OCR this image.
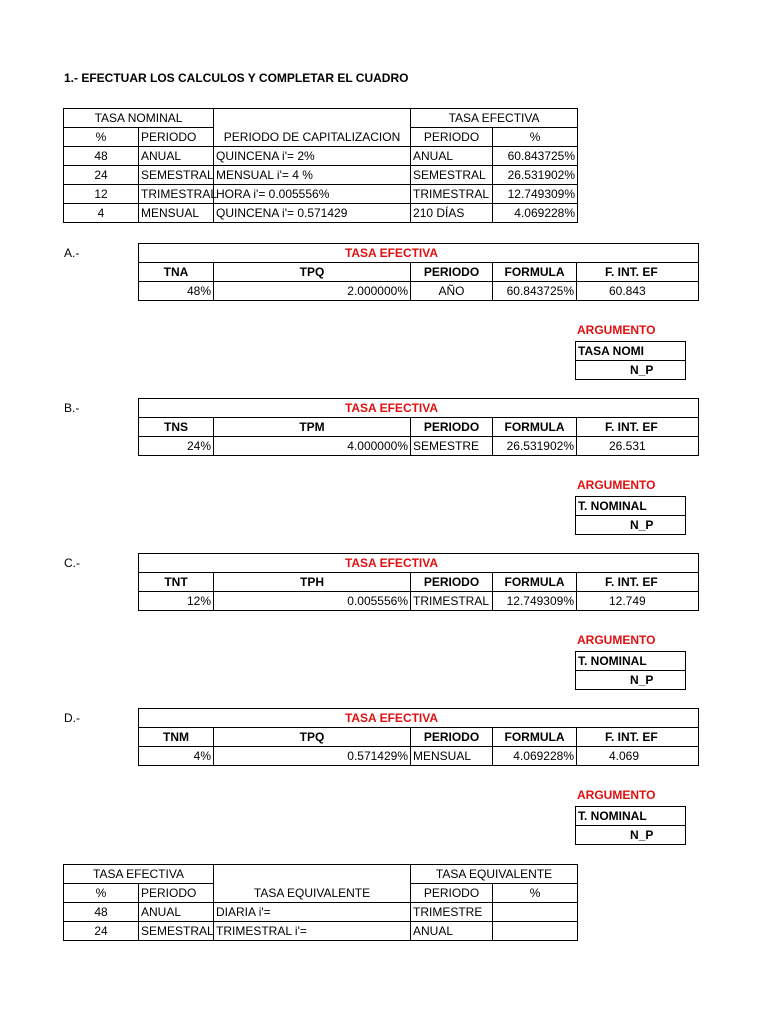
1.- EFECTUAR LOS CALCULOS Y COMPLETAR EL CUADRO
TASA NOMINAL		PERIODO DE CAPITALIZACION	TASA EFECTIVA	
%	PERIODO		PERIODO	%
48	ANUAL	QUINCENA i'= 2%	ANUAL	60.843725%
24	SEMESTRAL	MENSUAL i'= 4 %	SEMESTRAL	26.531902%
12	TRIMESTRAL	HORA i'= 0.005556%	TRIMESTRAL	12.749309%
4	MENSUAL	QUINCENA i'= 0.571429	210 DÍAS	4.069228%
A.-	TASA EFECTIVA				
TNA	TPQ	PERIODO	FORMULA	F. INT. EF
48%	2.000000%	AÑO	60.843725%	60.843
ARGUMENTO
TASA NOMI
N_P
B.-	TASA EFECTIVA				
TNS	TPM	PERIODO	FORMULA	F. INT. EF
24%	4.000000%	SEMESTRE	26.531902%	26.531
ARGUMENTO
T. NOMINAL
N_P
C.-	TASA EFECTIVA				
TNT	TPH	PERIODO	FORMULA	F. INT. EF
12%	0.005556%	TRIMESTRAL	12.749309%	12.749
ARGUMENTO
T. NOMINAL
N_P
D.-	TASA EFECTIVA				
TNM	TPQ	PERIODO	FORMULA	F. INT. EF
4%	0.571429%	MENSUAL	4.069228%	4.069
ARGUMENTO
T. NOMINAL
N_P
TASA EFECTIVA		TASA EQUIVALENTE	TASA EQUIVALENTE	
%	PERIODO		PERIODO	%
48	ANUAL	DIARIA i'=	TRIMESTRE	
24	SEMESTRAL	TRIMESTRAL i'=	ANUAL	
